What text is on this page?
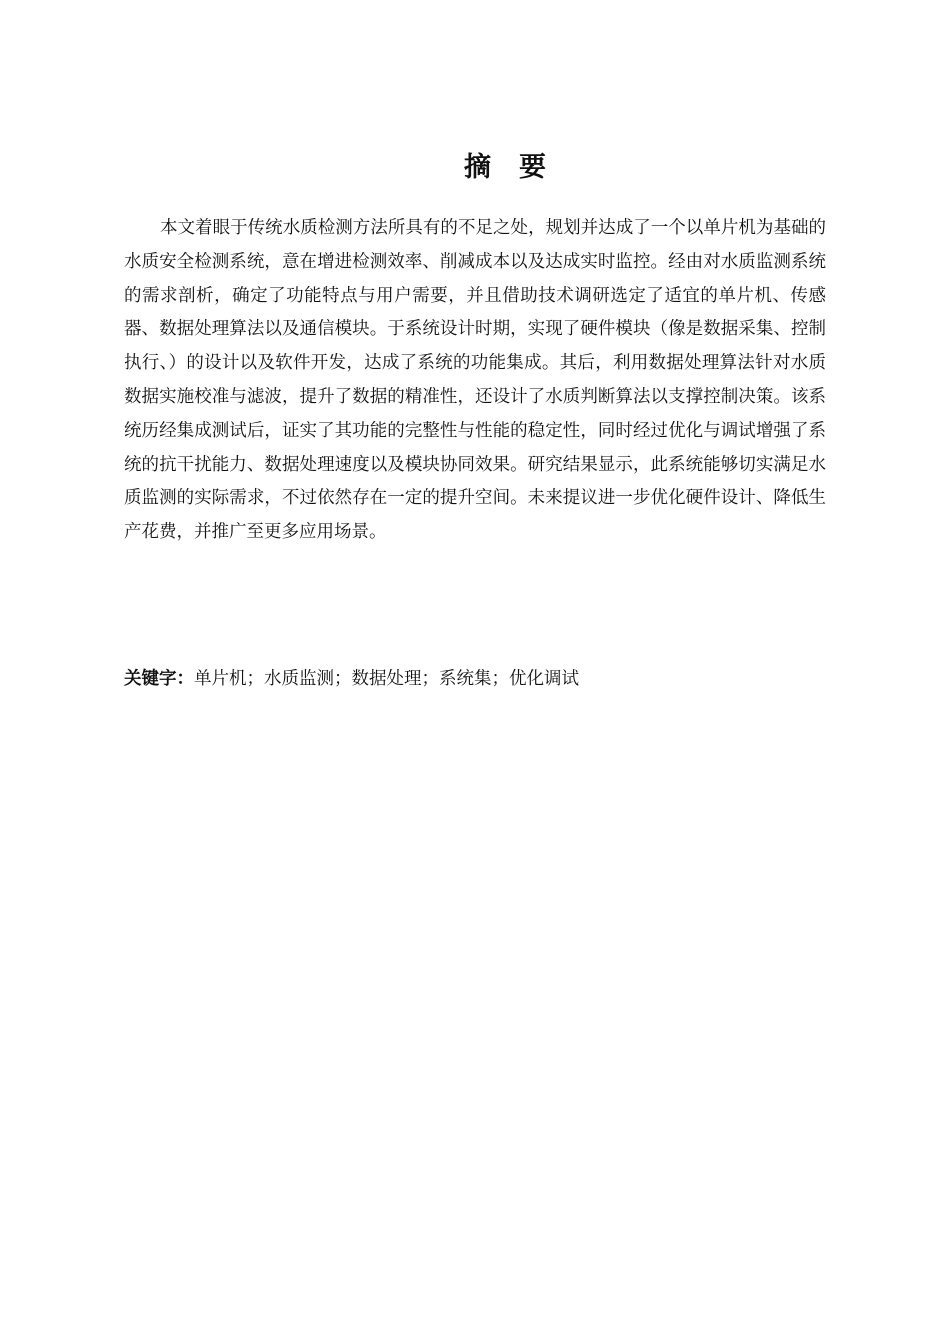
摘 要

本文着眼于传统水质检测方法所具有的不足之处，规划并达成了一个以单片机为基础的水质安全检测系统，意在增进检测效率、削减成本以及达成实时监控。经由对水质监测系统的需求剖析，确定了功能特点与用户需要，并且借助技术调研选定了适宜的单片机、传感器、数据处理算法以及通信模块。于系统设计时期，实现了硬件模块（像是数据采集、控制执行、）的设计以及软件开发，达成了系统的功能集成。其后，利用数据处理算法针对水质数据实施校准与滤波，提升了数据的精准性，还设计了水质判断算法以支撑控制决策。该系统历经集成测试后，证实了其功能的完整性与性能的稳定性，同时经过优化与调试增强了系统的抗干扰能力、数据处理速度以及模块协同效果。研究结果显示，此系统能够切实满足水质监测的实际需求，不过依然存在一定的提升空间。未来提议进一步优化硬件设计、降低生产花费，并推广至更多应用场景。

关键字：单片机；水质监测；数据处理；系统集；优化调试
